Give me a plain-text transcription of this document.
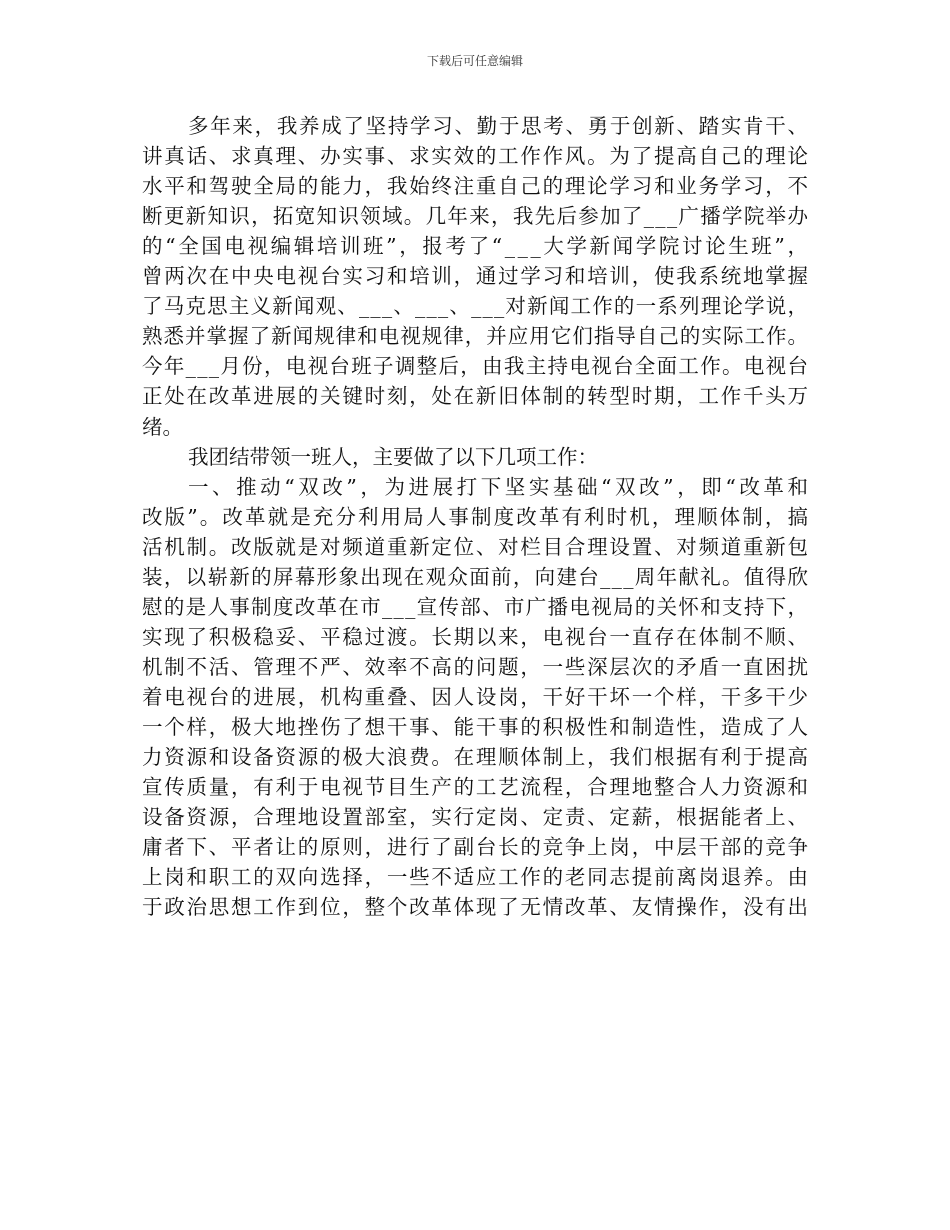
下载后可任意编辑
多年来，我养成了坚持学习、勤于思考、勇于创新、踏实肯干、
讲真话、求真理、办实事、求实效的工作作风。为了提高自己的理论
水平和驾驶全局的能力，我始终注重自己的理论学习和业务学习，不
断更新知识，拓宽知识领域。几年来，我先后参加了___广播学院举办
的“全国电视编辑培训班”，报考了“___大学新闻学院讨论生班”，
曾两次在中央电视台实习和培训，通过学习和培训，使我系统地掌握
了马克思主义新闻观、___、___、___对新闻工作的一系列理论学说，
熟悉并掌握了新闻规律和电视规律，并应用它们指导自己的实际工作。
今年___月份，电视台班子调整后，由我主持电视台全面工作。电视台
正处在改革进展的关键时刻，处在新旧体制的转型时期，工作千头万
绪。
我团结带领一班人，主要做了以下几项工作：
一、推动“双改”，为进展打下坚实基础“双改”，即“改革和
改版”。改革就是充分利用局人事制度改革有利时机，理顺体制，搞
活机制。改版就是对频道重新定位、对栏目合理设置、对频道重新包
装，以崭新的屏幕形象出现在观众面前，向建台___周年献礼。值得欣
慰的是人事制度改革在市___宣传部、市广播电视局的关怀和支持下，
实现了积极稳妥、平稳过渡。长期以来，电视台一直存在体制不顺、
机制不活、管理不严、效率不高的问题，一些深层次的矛盾一直困扰
着电视台的进展，机构重叠、因人设岗，干好干坏一个样，干多干少
一个样，极大地挫伤了想干事、能干事的积极性和制造性，造成了人
力资源和设备资源的极大浪费。在理顺体制上，我们根据有利于提高
宣传质量，有利于电视节目生产的工艺流程，合理地整合人力资源和
设备资源，合理地设置部室，实行定岗、定责、定薪，根据能者上、
庸者下、平者让的原则，进行了副台长的竞争上岗，中层干部的竞争
上岗和职工的双向选择，一些不适应工作的老同志提前离岗退养。由
于政治思想工作到位，整个改革体现了无情改革、友情操作，没有出
